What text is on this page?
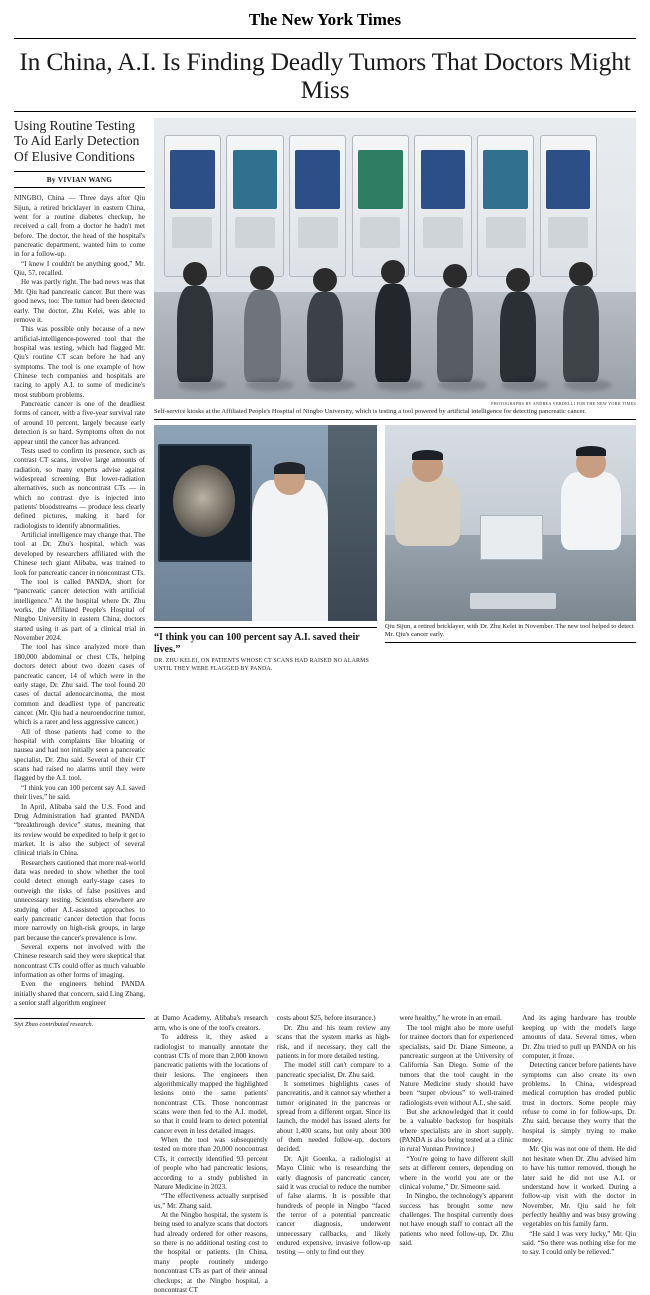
The New York Times
In China, A.I. Is Finding Deadly Tumors That Doctors Might Miss
Using Routine Testing To Aid Early Detection Of Elusive Conditions
By VIVIAN WANG

NINGBO, China — Three days after Qiu Sijun, a retired bricklayer in eastern China, went for a routine diabetes checkup, he received a call from a doctor he hadn't met before. The doctor, the head of the hospital's pancreatic department, wanted him to come in for a follow-up.

“I knew I couldn't be anything good,” Mr. Qiu, 57, recalled.

He was partly right. The bad news was that Mr. Qiu had pancreatic cancer. But there was good news, too: The tumor had been detected early. The doctor, Zhu Kelei, was able to remove it.

This was possible only because of a new artificial-intelligence-powered tool that the hospital was testing, which had flagged Mr. Qiu's routine CT scan before he had any symptoms. The tool is one example of how Chinese tech companies and hospitals are racing to apply A.I. to some of medicine's most stubborn problems.

Pancreatic cancer is one of the deadliest forms of cancer, with a five-year survival rate of around 10 percent, largely because early detection is so hard. Symptoms often do not appear until the cancer has advanced.

Tests used to confirm its presence, such as contrast CT scans, involve large amounts of radiation, so many experts advise against widespread screening. But lower-radiation alternatives, such as noncontrast CTs — in which no contrast dye is injected into patients' bloodstreams — produce less clearly defined pictures, making it hard for radiologists to identify abnormalities.

Artificial intelligence may change that. The tool at Dr. Zhu's hospital, which was developed by researchers affiliated with the Chinese tech giant Alibaba, was trained to look for pancreatic cancer in noncontrast CTs.

The tool is called PANDA, short for “pancreatic cancer detection with artificial intelligence.” At the hospital where Dr. Zhu works, the Affiliated People's Hospital of Ningbo University in eastern China, doctors started using it as part of a clinical trial in November 2024.

The tool has since analyzed more than 180,000 abdominal or chest CTs, helping doctors detect about two dozen cases of pancreatic cancer, 14 of which were in the early stage, Dr. Zhu said. The tool found 20 cases of ductal adenocarcinoma, the most common and deadliest type of pancreatic cancer. (Mr. Qiu had a neuroendocrine tumor, which is a rarer and less aggressive cancer.)

All of those patients had come to the hospital with complaints like bloating or nausea and had not initially seen a pancreatic specialist, Dr. Zhu said. Several of their CT scans had raised no alarms until they were flagged by the A.I. tool.

“I think you can 100 percent say A.I. saved their lives,” he said.

In April, Alibaba said the U.S. Food and Drug Administration had granted PANDA “breakthrough device” status, meaning that its review would be expedited to help it get to market. It is also the subject of several clinical trials in China.

Researchers cautioned that more real-world data was needed to show whether the tool could detect enough early-stage cases to outweigh the risks of false positives and unnecessary testing. Scientists elsewhere are studying other A.I.-assisted approaches to early pancreatic cancer detection that focus more narrowly on high-risk groups, in large part because the cancer's prevalence is low.

Several experts not involved with the Chinese research said they were skeptical that noncontrast CTs could offer as much valuable information as other forms of imaging.

Even the engineers behind PANDA initially shared that concern, said Ling Zhang, a senior staff algorithm engineer

PHOTOGRAPHS BY ANDREA VERDELLI FOR THE NEW YORK TIMES
Self-service kiosks at the Affiliated People's Hospital of Ningbo University, which is testing a tool powered by artificial intelligence for detecting pancreatic cancer.
“I think you can 100 percent say A.I. saved their lives.”
DR. ZHU KELEI, ON PATIENTS WHOSE CT SCANS HAD RAISED NO ALARMS UNTIL THEY WERE FLAGGED BY PANDA.
Qiu Sijun, a retired bricklayer, with Dr. Zhu Kelei in November. The new tool helped to detect Mr. Qiu's cancer early.
Siyi Zhao contributed research.

at Damo Academy, Alibaba's research arm, who is one of the tool's creators.

To address it, they asked a radiologist to manually annotate the contrast CTs of more than 2,000 known pancreatic patients with the locations of their lesions. The engineers then algorithmically mapped the highlighted lesions onto the same patients' noncontrast CTs. Those noncontrast scans were then fed to the A.I. model, so that it could learn to detect potential cancer even in less detailed images.

When the tool was subsequently tested on more than 20,000 noncontrast CTs, it correctly identified 93 percent of people who had pancreatic lesions, according to a study published in Nature Medicine in 2023.

“The effectiveness actually surprised us,” Mr. Zhang said.

At the Ningbo hospital, the system is being used to analyze scans that doctors had already ordered for other reasons, so there is no additional testing cost to the hospital or patients. (In China, many people routinely undergo noncontrast CTs as part of their annual checkups; at the Ningbo hospital, a noncontrast CT

costs about $25, before insurance.)

Dr. Zhu and his team review any scans that the system marks as high-risk, and if necessary, they call the patients in for more detailed testing.

The model still can't compare to a pancreatic specialist, Dr. Zhu said.

It sometimes highlights cases of pancreatitis, and it cannot say whether a tumor originated in the pancreas or spread from a different organ. Since its launch, the model has issued alerts for about 1,400 scans, but only about 300 of them needed follow-up, doctors decided.

Dr. Ajit Goenka, a radiologist at Mayo Clinic who is researching the early diagnosis of pancreatic cancer, said it was crucial to reduce the number of false alarms. It is possible that hundreds of people in Ningbo “faced the terror of a potential pancreatic cancer diagnosis, underwent unnecessary callbacks, and likely endured expensive, invasive follow-up testing — only to find out they

were healthy,” he wrote in an email.

The tool might also be more useful for trainee doctors than for experienced specialists, said Dr. Diane Simeone, a pancreatic surgeon at the University of California San Diego. Some of the tumors that the tool caught in the Nature Medicine study should have been “super obvious” to well-trained radiologists even without A.I., she said.

But she acknowledged that it could be a valuable backstop for hospitals where specialists are in short supply. (PANDA is also being tested at a clinic in rural Yunnan Province.)

“You're going to have different skill sets at different centers, depending on where in the world you are or the clinical volume,” Dr. Simeone said.

In Ningbo, the technology's apparent success has brought some new challenges. The hospital currently does not have enough staff to contact all the patients who need follow-up, Dr. Zhu said.

And its aging hardware has trouble keeping up with the model's large amounts of data. Several times, when Dr. Zhu tried to pull up PANDA on his computer, it froze.

Detecting cancer before patients have symptoms can also create its own problems. In China, widespread medical corruption has eroded public trust in doctors. Some people may refuse to come in for follow-ups, Dr. Zhu said, because they worry that the hospital is simply trying to make money.

Mr. Qiu was not one of them. He did not hesitate when Dr. Zhu advised him to have his tumor removed, though he later said he did not use A.I. or understand how it worked. During a follow-up visit with the doctor in November, Mr. Qiu said he felt perfectly healthy and was busy growing vegetables on his family farm.

“He said I was very lucky,” Mr. Qiu said. “So there was nothing else for me to say. I could only be relieved.”
